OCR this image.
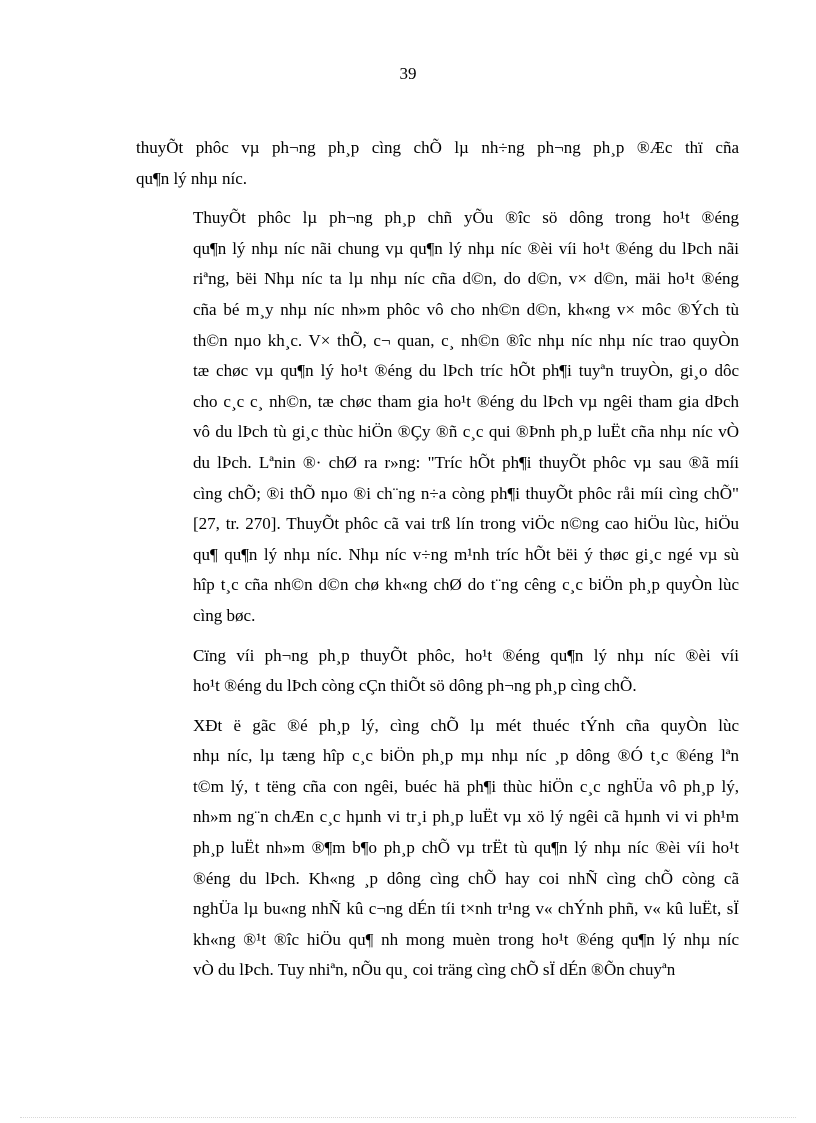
39

thuyÕt phôc vµ ph¬ng ph¸p cìng chÕ lµ nh÷ng ph¬ng ph¸p ®Æc thï cña
qu¶n lý nhµ níc.

ThuyÕt phôc lµ ph¬ng ph¸p chñ yÕu ®îc sö dông trong ho¹t ®éng
qu¶n lý nhµ níc nãi chung vµ qu¶n lý nhµ níc ®èi víi ho¹t ®éng du lÞch nãi
riªng, bëi Nhµ níc ta lµ nhµ níc cña d©n, do d©n, v× d©n, mäi ho¹t ®éng
cña bé m¸y nhµ níc nh»m phôc vô cho nh©n d©n, kh«ng v× môc ®Ých tù
th©n nµo kh¸c. V× thÕ, c¬ quan, c¸ nh©n ®îc nhµ níc nhµ níc trao quyÒn
tæ chøc vµ qu¶n lý ho¹t ®éng du lÞch tríc hÕt ph¶i tuyªn truyÒn, gi¸o dôc
cho c¸c c¸ nh©n, tæ chøc tham gia ho¹t ®éng du lÞch vµ ngêi tham gia dÞch
vô du lÞch tù gi¸c thùc hiÖn ®Çy ®ñ c¸c qui ®Þnh ph¸p luËt cña nhµ níc vÒ
du lÞch. Lªnin ®· chØ ra r»ng: "Tríc hÕt ph¶i thuyÕt phôc vµ sau ®ã míi
cìng chÕ; ®i thÕ nµo ®i ch¨ng n÷a còng ph¶i thuyÕt phôc råi míi cìng chÕ"
[27, tr. 270]. ThuyÕt phôc cã vai trß lín trong viÖc n©ng cao hiÖu lùc, hiÖu
qu¶ qu¶n lý nhµ níc. Nhµ níc v÷ng m¹nh tríc hÕt bëi ý thøc gi¸c ngé vµ sù
hîp t¸c cña nh©n d©n chø kh«ng chØ do t¨ng cêng c¸c biÖn ph¸p quyÒn lùc
cìng bøc.

Cïng víi ph¬ng ph¸p thuyÕt phôc, ho¹t ®éng qu¶n lý nhµ níc ®èi víi
ho¹t ®éng du lÞch còng cÇn thiÕt sö dông ph¬ng ph¸p cìng chÕ.

XÐt ë gãc ®é ph¸p lý, cìng chÕ lµ mét thuéc tÝnh cña quyÒn lùc
nhµ níc, lµ tæng hîp c¸c biÖn ph¸p mµ nhµ níc ¸p dông ®Ó t¸c ®éng lªn
t©m lý, t tëng cña con ngêi, buéc hä ph¶i thùc hiÖn c¸c nghÜa vô ph¸p lý,
nh»m ng¨n chÆn c¸c hµnh vi tr¸i ph¸p luËt vµ xö lý ngêi cã hµnh vi vi ph¹m
ph¸p luËt nh»m ®¶m b¶o ph¸p chÕ vµ trËt tù qu¶n lý nhµ níc ®èi víi ho¹t
®éng du lÞch. Kh«ng ¸p dông cìng chÕ hay coi nhÑ cìng chÕ còng cã
nghÜa lµ bu«ng nhÑ kû c¬ng dÉn tíi t×nh tr¹ng v« chÝnh phñ, v« kû luËt, sÏ
kh«ng ®¹t ®îc hiÖu qu¶ nh mong muèn trong ho¹t ®éng qu¶n lý nhµ níc
vÒ du lÞch. Tuy nhiªn, nÕu qu¸ coi träng cìng chÕ sÏ dÉn ®Õn chuyªn
